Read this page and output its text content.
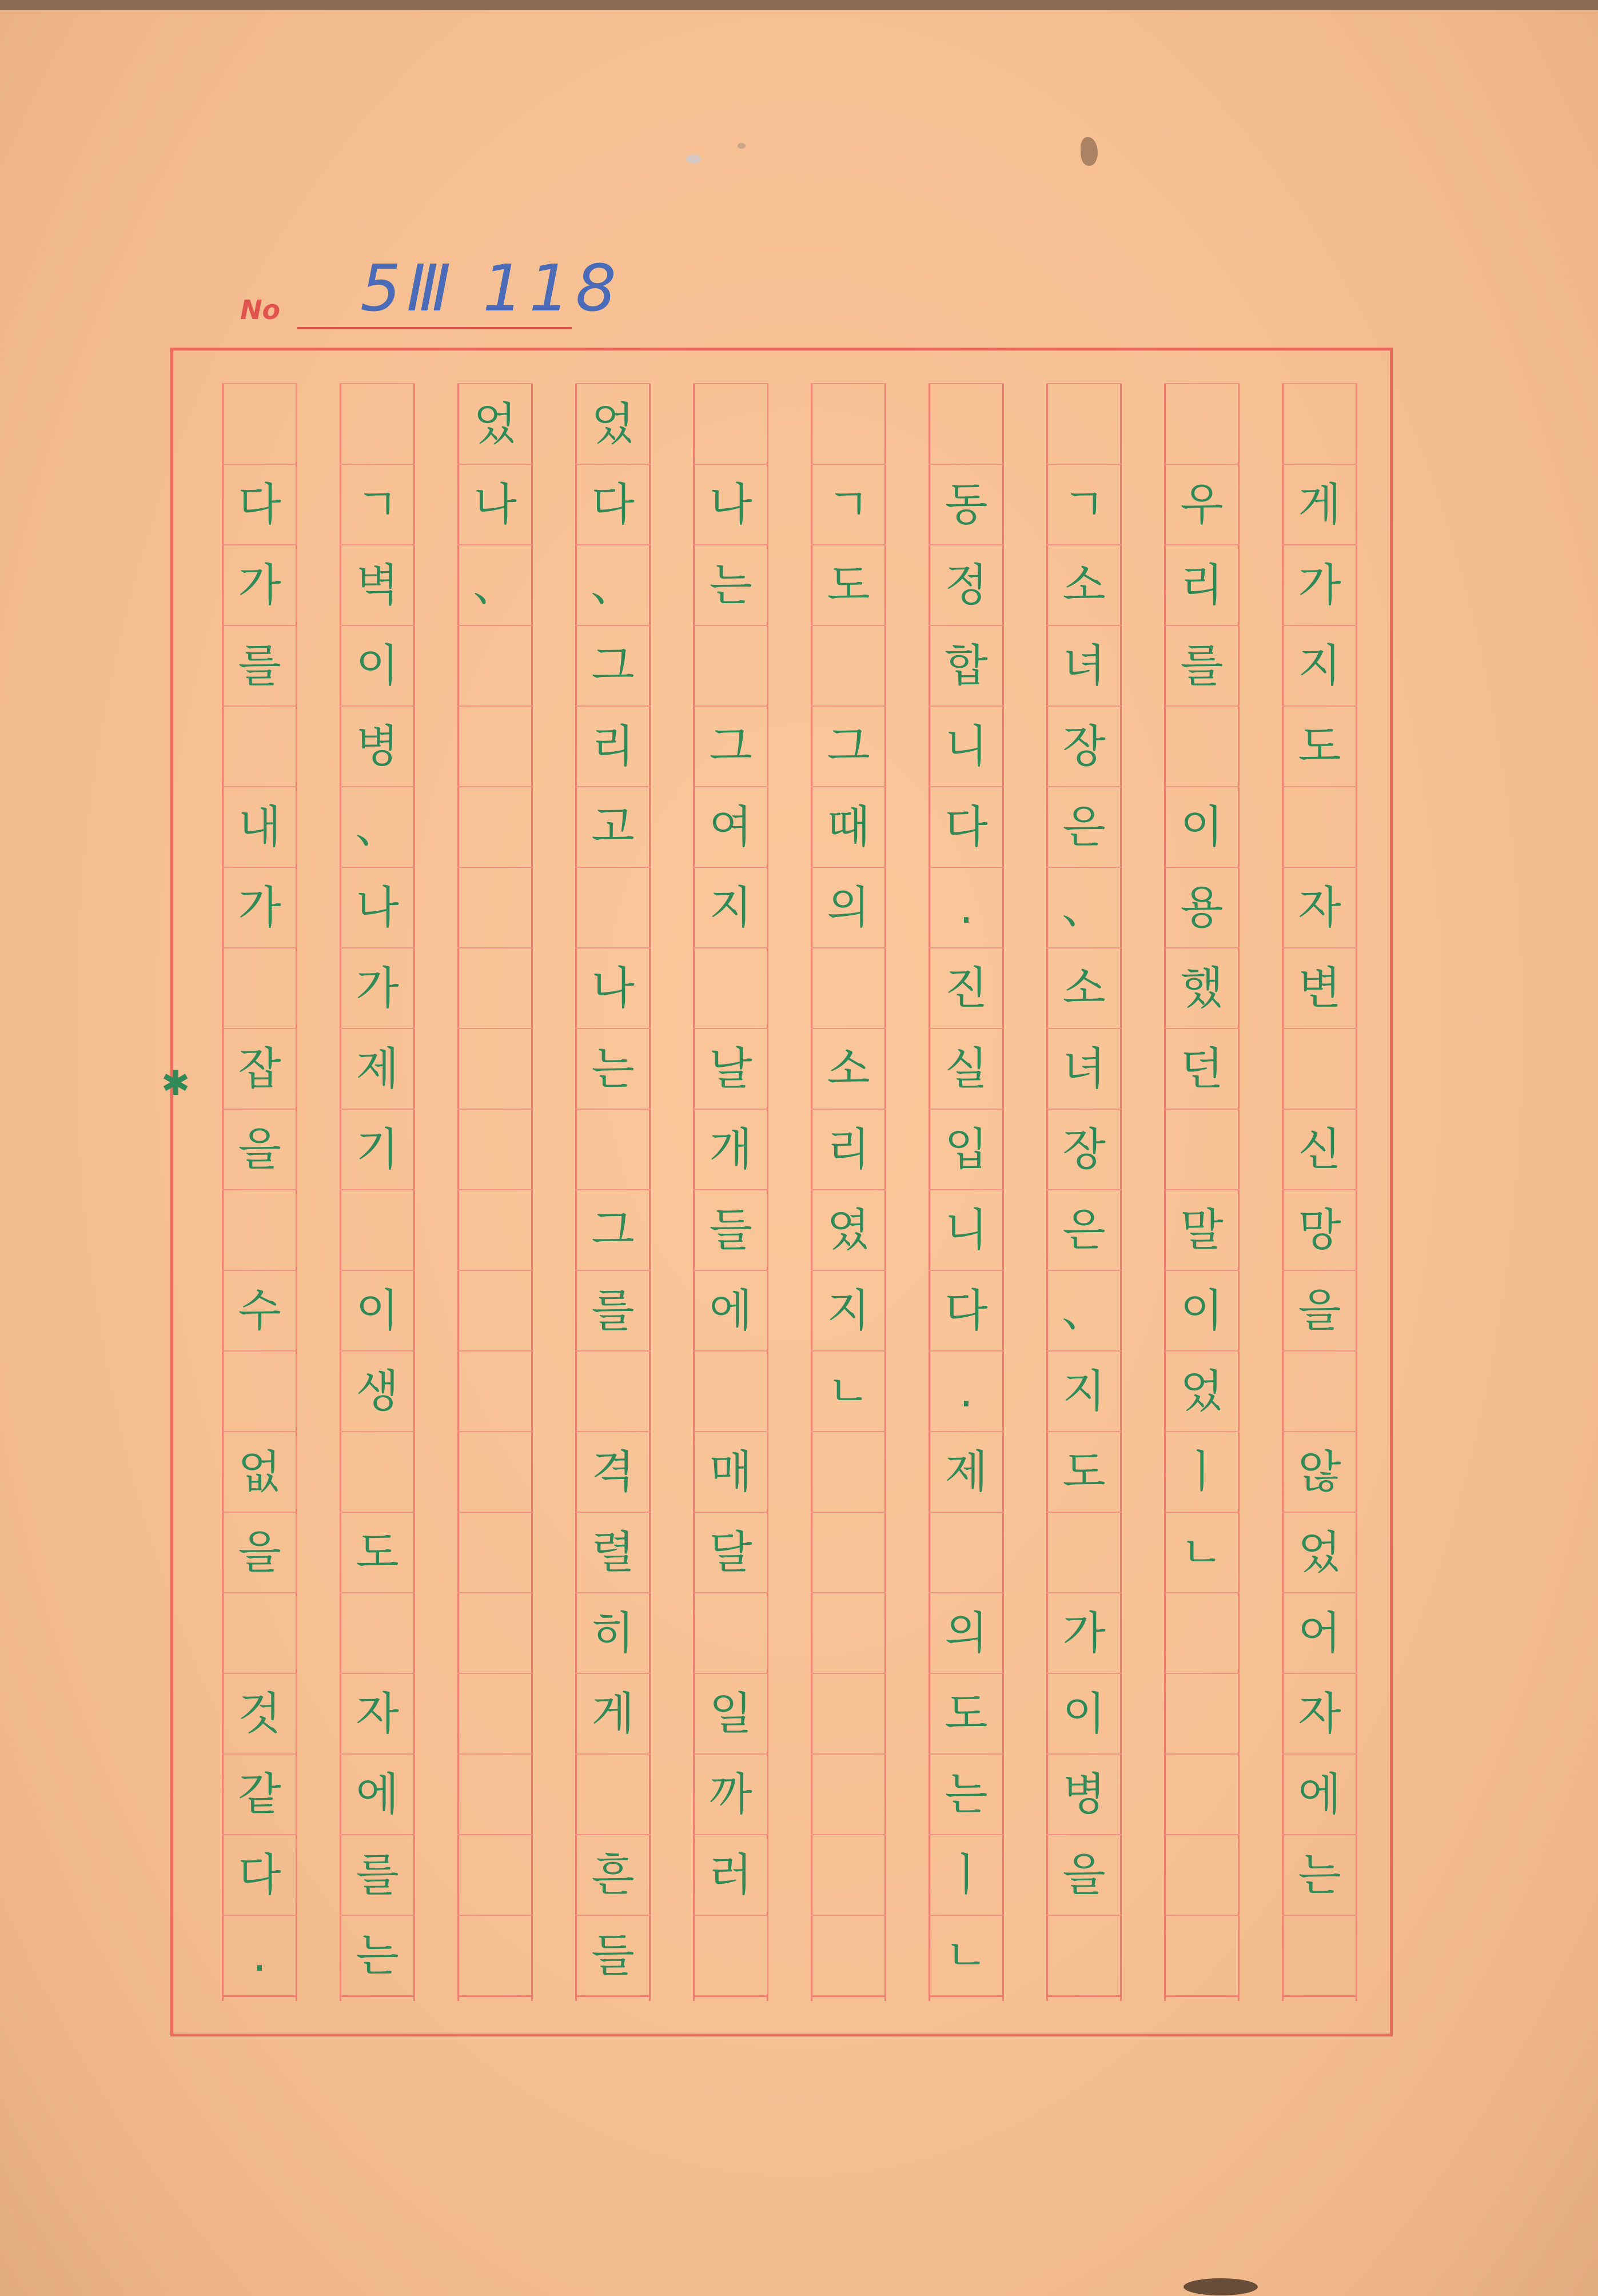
No 5Ⅲ 118
✱
게
가
지
도
자
변
신
망
을
않
었
어
자
에
는
우
리
를
이
용
했
던
말
이
었
ㅣ
ㄴ
ㄱ
소
녀
장
은
、
소
녀
장
은
、
지
도
가
이
병
을
동
정
합
니
다
.
진
실
입
니
다
.
제
의
도
는
ㅣ
ㄴ
ㄱ
도
그
때
의
소
리
였
지
ㄴ
나
는
그
여
지
날
개
들
에
매
달
일
까
러
었
다
、
그
리
고
나
는
그
를
격
렬
히
게
흔
들
었
나
、
ㄱ
벽
이
병
、
나
가
제
기
이
생
도
자
에
를
는
다
가
를
내
가
잡
을
수
없
을
것
같
다
.
